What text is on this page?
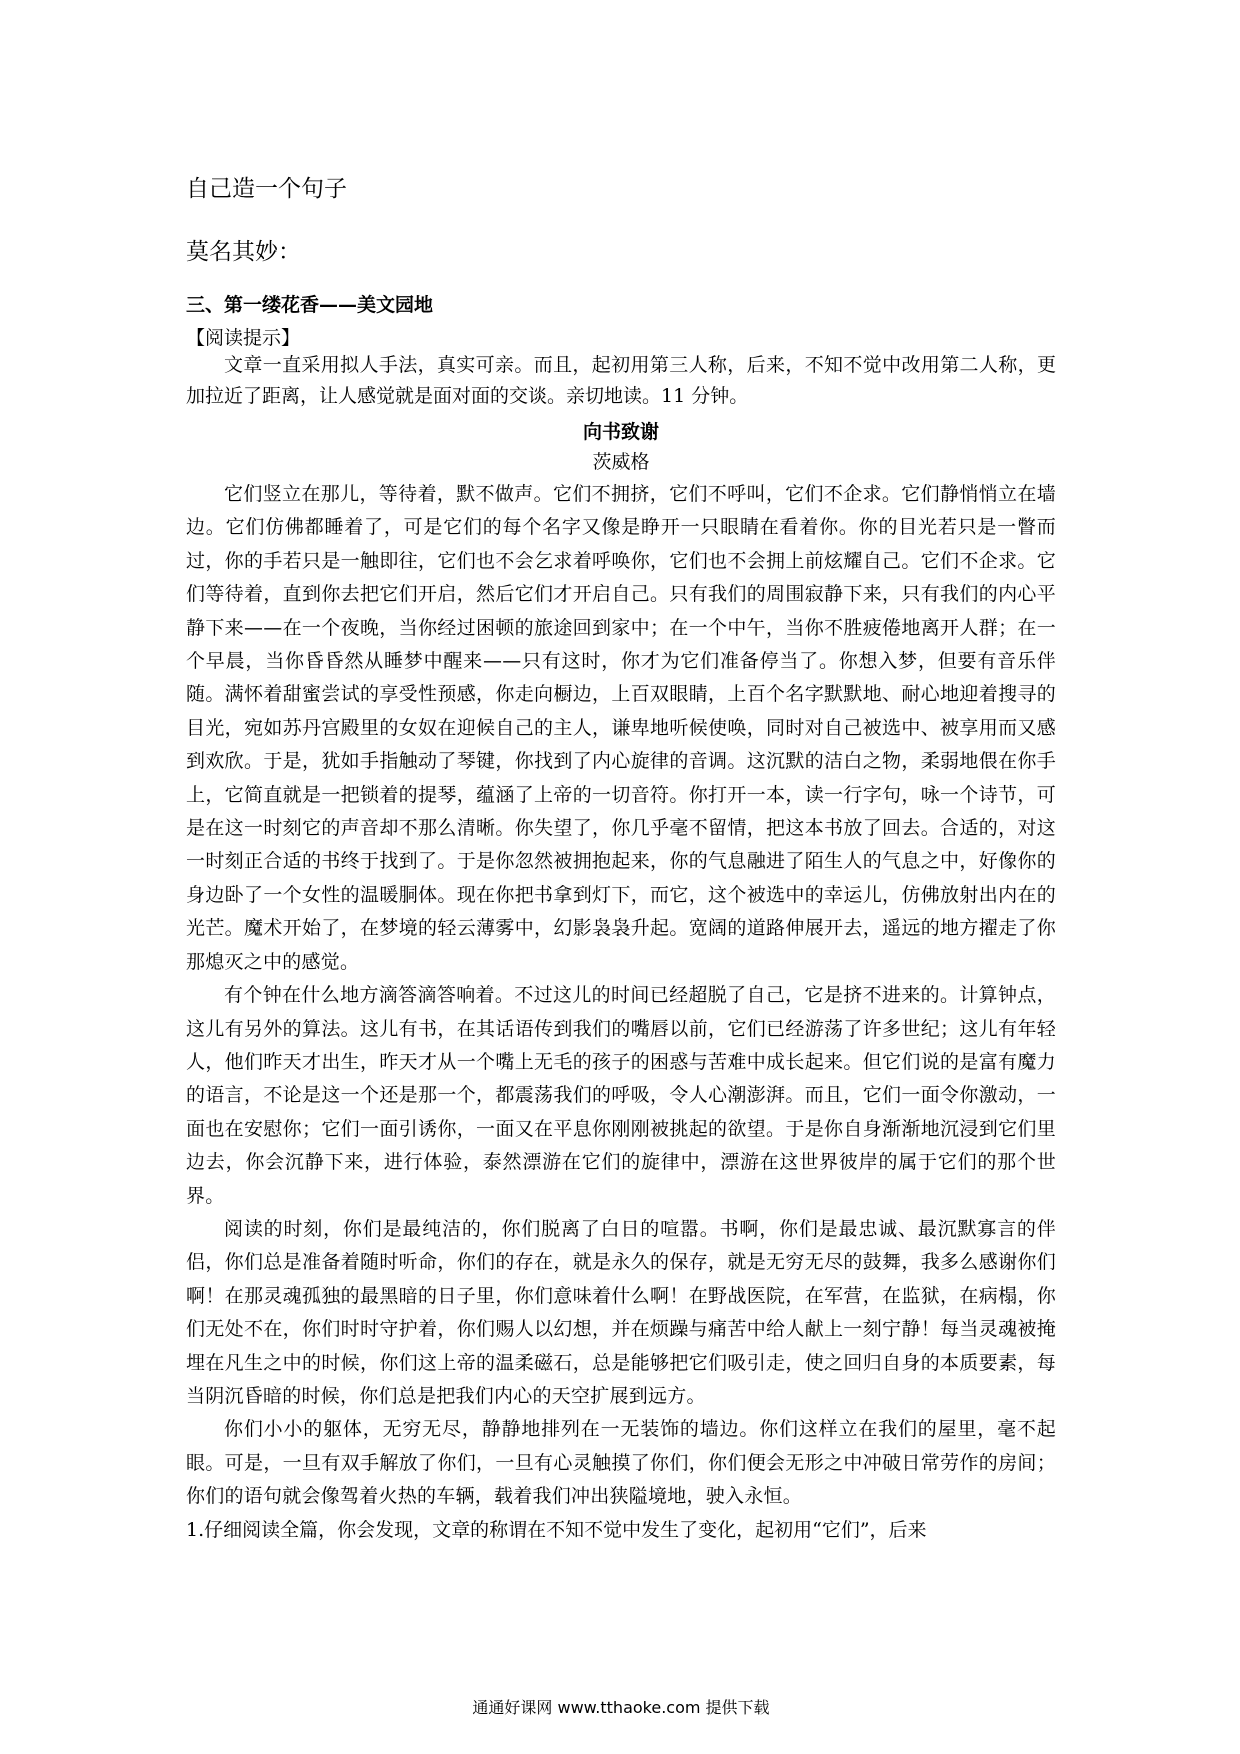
自己造一个句子
莫名其妙：
三、第一缕花香——美文园地
【阅读提示】
文章一直采用拟人手法，真实可亲。而且，起初用第三人称，后来，不知不觉中改用第二人称，更加拉近了距离，让人感觉就是面对面的交谈。亲切地读。11 分钟。
向书致谢
茨威格

它们竖立在那儿，等待着，默不做声。它们不拥挤，它们不呼叫，它们不企求。它们静悄悄立在墙边。它们仿佛都睡着了，可是它们的每个名字又像是睁开一只眼睛在看着你。你的目光若只是一瞥而过，你的手若只是一触即往，它们也不会乞求着呼唤你，它们也不会拥上前炫耀自己。它们不企求。它们等待着，直到你去把它们开启，然后它们才开启自己。只有我们的周围寂静下来，只有我们的内心平静下来——在一个夜晚，当你经过困顿的旅途回到家中；在一个中午，当你不胜疲倦地离开人群；在一个早晨，当你昏昏然从睡梦中醒来——只有这时，你才为它们准备停当了。你想入梦，但要有音乐伴随。满怀着甜蜜尝试的享受性预感，你走向橱边，上百双眼睛，上百个名字默默地、耐心地迎着搜寻的目光，宛如苏丹宫殿里的女奴在迎候自己的主人，谦卑地听候使唤，同时对自己被选中、被享用而又感到欢欣。于是，犹如手指触动了琴键，你找到了内心旋律的音调。这沉默的洁白之物，柔弱地偎在你手上，它简直就是一把锁着的提琴，蕴涵了上帝的一切音符。你打开一本，读一行字句，咏一个诗节，可是在这一时刻它的声音却不那么清晰。你失望了，你几乎毫不留情，把这本书放了回去。合适的，对这一时刻正合适的书终于找到了。于是你忽然被拥抱起来，你的气息融进了陌生人的气息之中，好像你的身边卧了一个女性的温暖胴体。现在你把书拿到灯下，而它，这个被选中的幸运儿，仿佛放射出内在的光芒。魔术开始了，在梦境的轻云薄雾中，幻影袅袅升起。宽阔的道路伸展开去，遥远的地方擢走了你那熄灭之中的感觉。

有个钟在什么地方滴答滴答响着。不过这儿的时间已经超脱了自己，它是挤不进来的。计算钟点，这儿有另外的算法。这儿有书，在其话语传到我们的嘴唇以前，它们已经游荡了许多世纪；这儿有年轻人，他们昨天才出生，昨天才从一个嘴上无毛的孩子的困惑与苦难中成长起来。但它们说的是富有魔力的语言，不论是这一个还是那一个，都震荡我们的呼吸，令人心潮澎湃。而且，它们一面令你激动，一面也在安慰你；它们一面引诱你，一面又在平息你刚刚被挑起的欲望。于是你自身渐渐地沉浸到它们里边去，你会沉静下来，进行体验，泰然漂游在它们的旋律中，漂游在这世界彼岸的属于它们的那个世界。

阅读的时刻，你们是最纯洁的，你们脱离了白日的喧嚣。书啊，你们是最忠诚、最沉默寡言的伴侣，你们总是准备着随时听命，你们的存在，就是永久的保存，就是无穷无尽的鼓舞，我多么感谢你们啊！在那灵魂孤独的最黑暗的日子里，你们意味着什么啊！在野战医院，在军营，在监狱，在病榻，你们无处不在，你们时时守护着，你们赐人以幻想，并在烦躁与痛苦中给人献上一刻宁静！每当灵魂被掩埋在凡生之中的时候，你们这上帝的温柔磁石，总是能够把它们吸引走，使之回归自身的本质要素，每当阴沉昏暗的时候，你们总是把我们内心的天空扩展到远方。

你们小小的躯体，无穷无尽，静静地排列在一无装饰的墙边。你们这样立在我们的屋里，毫不起眼。可是，一旦有双手解放了你们，一旦有心灵触摸了你们，你们便会无形之中冲破日常劳作的房间；你们的语句就会像驾着火热的车辆，载着我们冲出狭隘境地，驶入永恒。

1.仔细阅读全篇，你会发现，文章的称谓在不知不觉中发生了变化，起初用“它们”，后来

通通好课网 www.tthaoke.com 提供下载
